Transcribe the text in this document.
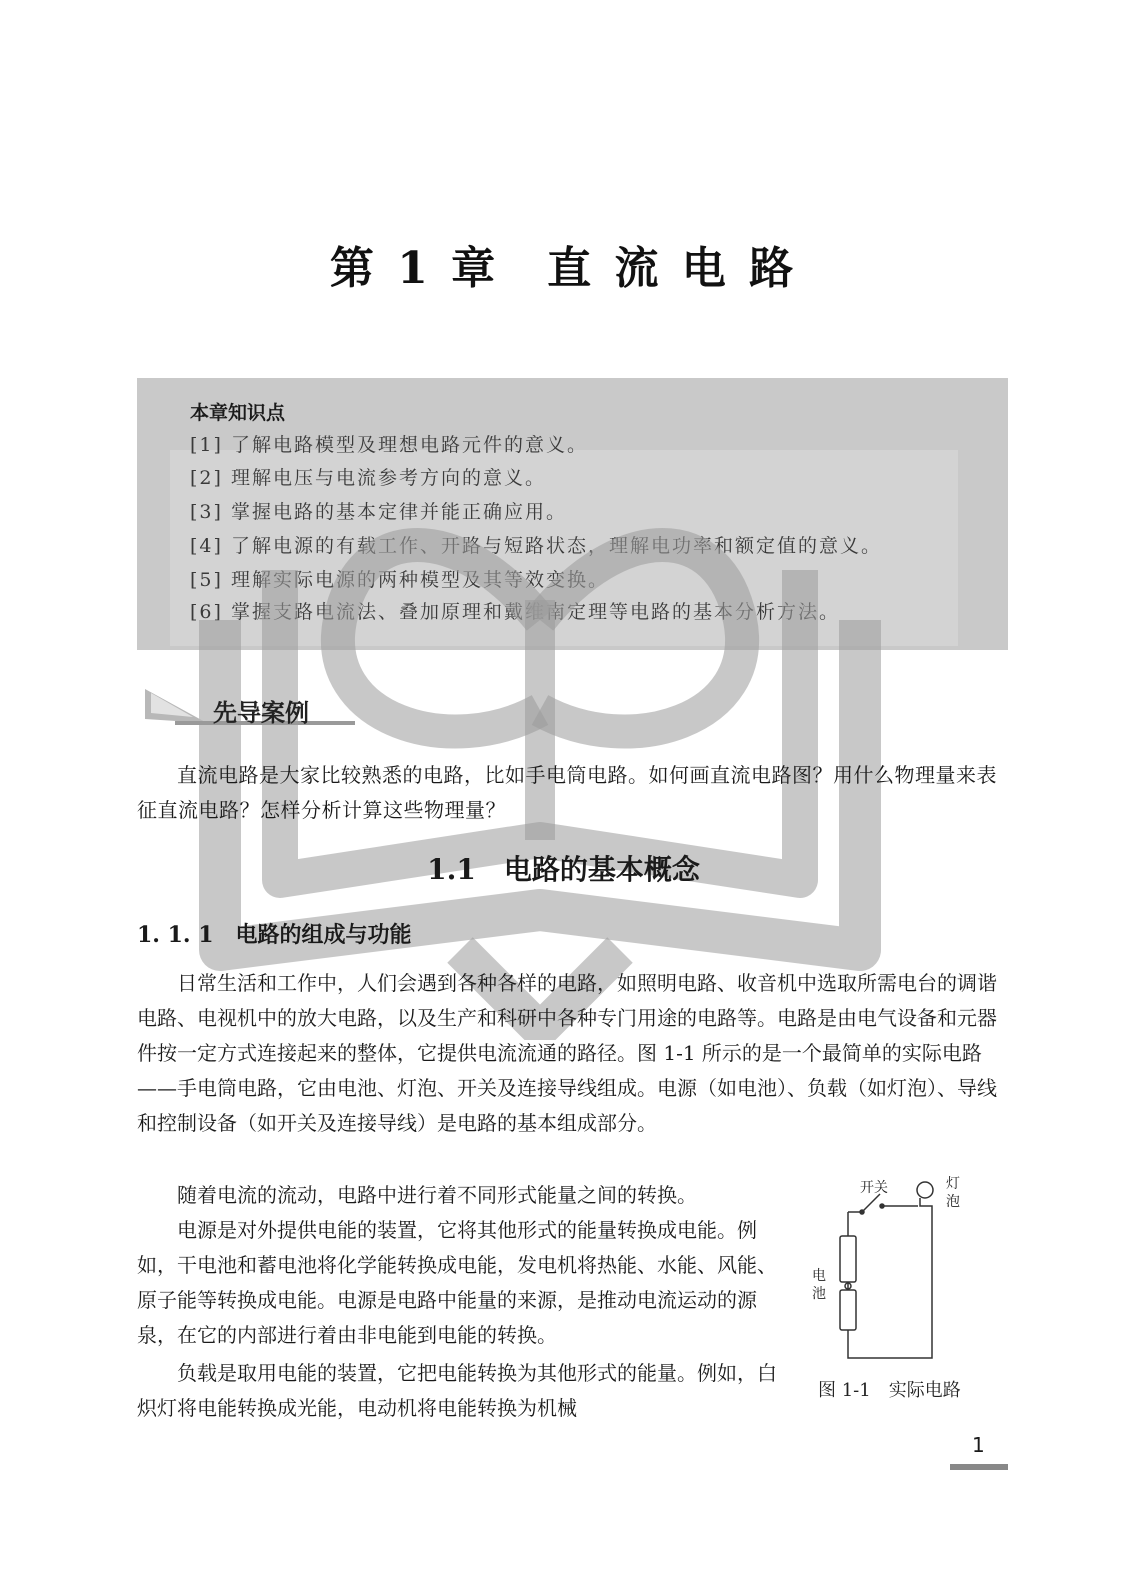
第 1 章　直 流 电 路
本章知识点
[1] 了解电路模型及理想电路元件的意义。
[2] 理解电压与电流参考方向的意义。
[3] 掌握电路的基本定律并能正确应用。
[4] 了解电源的有载工作、开路与短路状态，理解电功率和额定值的意义。
[5] 理解实际电源的两种模型及其等效变换。
[6] 掌握支路电流法、叠加原理和戴维南定理等电路的基本分析方法。
先导案例
直流电路是大家比较熟悉的电路，比如手电筒电路。如何画直流电路图？用什么物理量来表征直流电路？怎样分析计算这些物理量？
1.1　电路的基本概念
1. 1. 1　电路的组成与功能
日常生活和工作中，人们会遇到各种各样的电路，如照明电路、收音机中选取所需电台的调谐电路、电视机中的放大电路，以及生产和科研中各种专门用途的电路等。电路是由电气设备和元器件按一定方式连接起来的整体，它提供电流流通的路径。图 1-1 所示的是一个最简单的实际电路——手电筒电路，它由电池、灯泡、开关及连接导线组成。电源（如电池）、负载（如灯泡）、导线和控制设备（如开关及连接导线）是电路的基本组成部分。
随着电流的流动，电路中进行着不同形式能量之间的转换。
电源是对外提供电能的装置，它将其他形式的能量转换成电能。例如，干电池和蓄电池将化学能转换成电能，发电机将热能、水能、风能、原子能等转换成电能。电源是电路中能量的来源，是推动电流运动的源泉，在它的内部进行着由非电能到电能的转换。
负载是取用电能的装置，它把电能转换为其他形式的能量。例如，白炽灯将电能转换成光能，电动机将电能转换为机械
开关	灯
泡
电
池
图 1-1　实际电路
1
